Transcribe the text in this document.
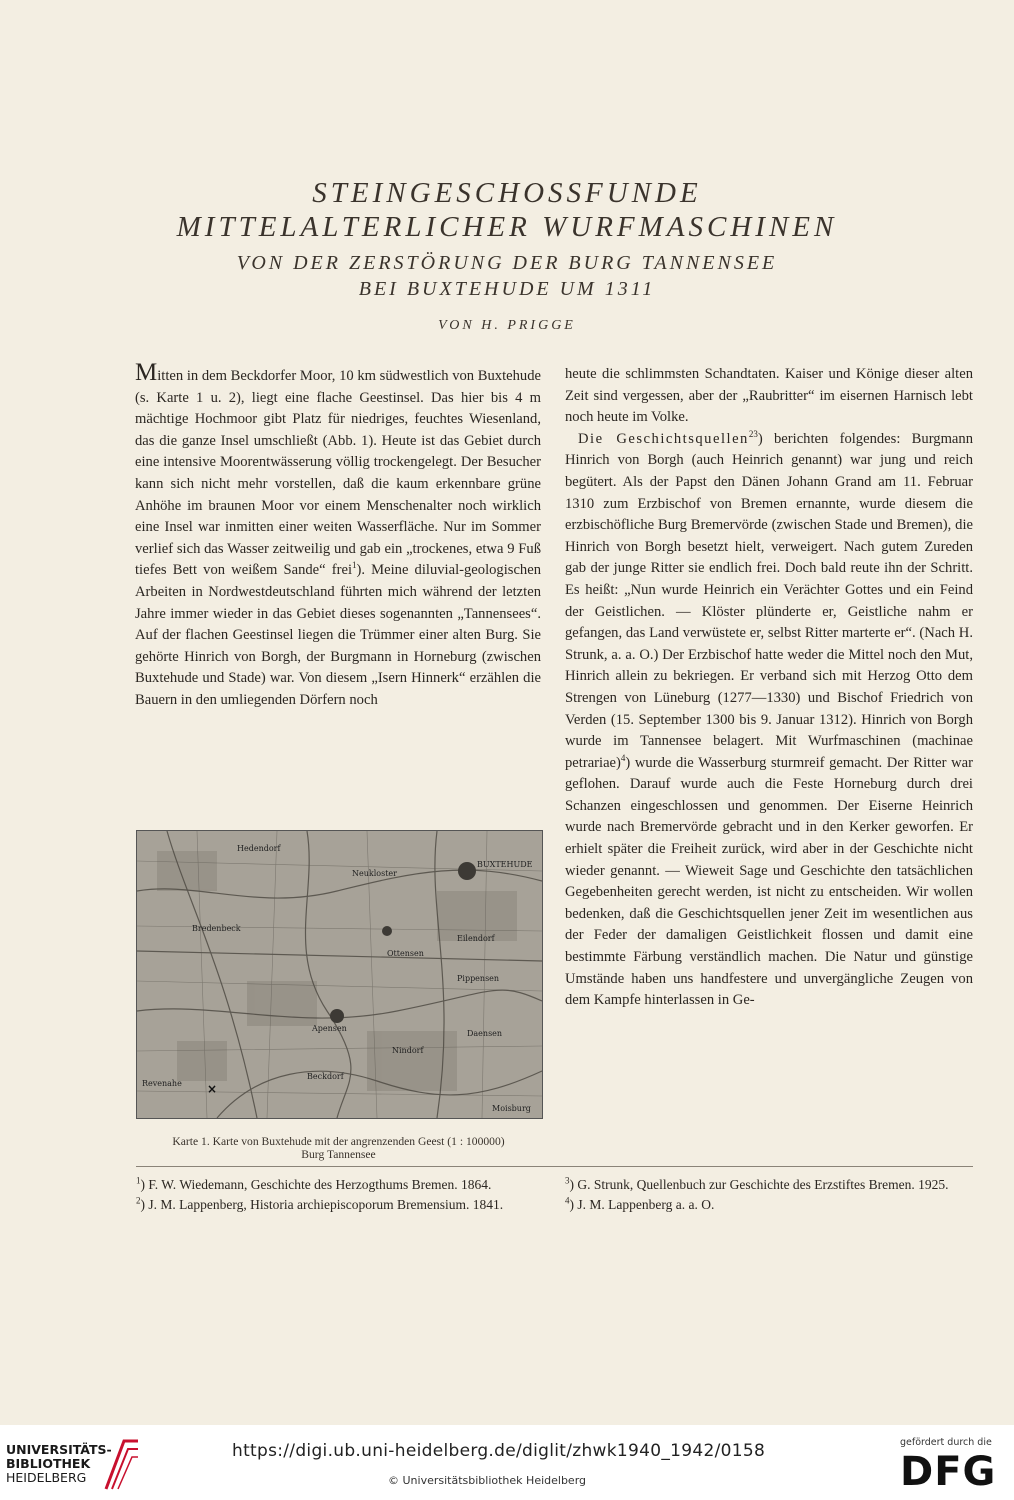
STEINGESCHOSSFUNDE
MITTELALTERLICHER WURFMASCHINEN
VON DER ZERSTÖRUNG DER BURG TANNENSEE
BEI BUXTEHUDE UM 1311
VON H. PRIGGE

Mitten in dem Beckdorfer Moor, 10 km südwestlich von Buxtehude (s. Karte 1 u. 2), liegt eine flache Geestinsel. Das hier bis 4 m mächtige Hochmoor gibt Platz für niedriges, feuchtes Wiesenland, das die ganze Insel umschließt (Abb. 1). Heute ist das Gebiet durch eine intensive Moorentwässerung völlig trockengelegt. Der Besucher kann sich nicht mehr vorstellen, daß die kaum erkennbare grüne Anhöhe im braunen Moor vor einem Menschenalter noch wirklich eine Insel war inmitten einer weiten Wasserfläche. Nur im Sommer verlief sich das Wasser zeitweilig und gab ein „trockenes, etwa 9 Fuß tiefes Bett von weißem Sande“ frei$^1$). Meine diluvial-geologischen Arbeiten in Nordwestdeutschland führten mich während der letzten Jahre immer wieder in das Gebiet dieses sogenannten „Tannensees“. Auf der flachen Geestinsel liegen die Trümmer einer alten Burg. Sie gehörte Hinrich von Borgh, der Burgmann in Horneburg (zwischen Buxtehude und Stade) war. Von diesem „Isern Hinnerk“ erzählen die Bauern in den umliegenden Dörfern noch

×
Hedendorf
Neukloster
BUXTEHUDE
Eilendorf
Pippensen
Bredenbeck
Revenahe
Ottensen
Apensen
Nindorf
Beckdorf
Moisburg
Daensen
Karte 1. Karte von Buxtehude mit der angrenzenden Geest (1 : 100000)
Burg Tannensee

heute die schlimmsten Schandtaten. Kaiser und Könige dieser alten Zeit sind vergessen, aber der „Raubritter“ im eisernen Harnisch lebt noch heute im Volke.

Die Geschichtsquellen$^{23}$) berichten folgendes: Burgmann Hinrich von Borgh (auch Heinrich genannt) war jung und reich begütert. Als der Papst den Dänen Johann Grand am 11. Februar 1310 zum Erzbischof von Bremen ernannte, wurde diesem die erzbischöfliche Burg Bremervörde (zwischen Stade und Bremen), die Hinrich von Borgh besetzt hielt, verweigert. Nach gutem Zureden gab der junge Ritter sie endlich frei. Doch bald reute ihn der Schritt. Es heißt: „Nun wurde Heinrich ein Verächter Gottes und ein Feind der Geistlichen. — Klöster plünderte er, Geistliche nahm er gefangen, das Land verwüstete er, selbst Ritter marterte er“. (Nach H. Strunk, a. a. O.) Der Erzbischof hatte weder die Mittel noch den Mut, Hinrich allein zu bekriegen. Er verband sich mit Herzog Otto dem Strengen von Lüneburg (1277—1330) und Bischof Friedrich von Verden (15. September 1300 bis 9. Januar 1312). Hinrich von Borgh wurde im Tannensee belagert. Mit Wurfmaschinen (machinae petrariae)$^4$) wurde die Wasserburg sturmreif gemacht. Der Ritter war geflohen. Darauf wurde auch die Feste Horneburg durch drei Schanzen eingeschlossen und genommen. Der Eiserne Heinrich wurde nach Bremervörde gebracht und in den Kerker geworfen. Er erhielt später die Freiheit zurück, wird aber in der Geschichte nicht wieder genannt. — Wieweit Sage und Geschichte den tatsächlichen Gegebenheiten gerecht werden, ist nicht zu entscheiden. Wir wollen bedenken, daß die Geschichtsquellen jener Zeit im wesentlichen aus der Feder der damaligen Geistlichkeit flossen und damit eine bestimmte Färbung verständlich machen. Die Natur und günstige Umstände haben uns handfestere und unvergängliche Zeugen von dem Kampfe hinterlassen in Ge-

$^1$) F. W. Wiedemann, Geschichte des Herzogthums Bremen. 1864.

$^2$) J. M. Lappenberg, Historia archiepiscoporum Bremensium. 1841.

$^3$) G. Strunk, Quellenbuch zur Geschichte des Erzstiftes Bremen. 1925.

$^4$) J. M. Lappenberg a. a. O.

UNIVERSITÄTS-
BIBLIOTHEK
HEIDELBERG
https://digi.ub.uni-heidelberg.de/diglit/zhwk1940_1942/0158
© Universitätsbibliothek Heidelberg
gefördert durch die
DFG
